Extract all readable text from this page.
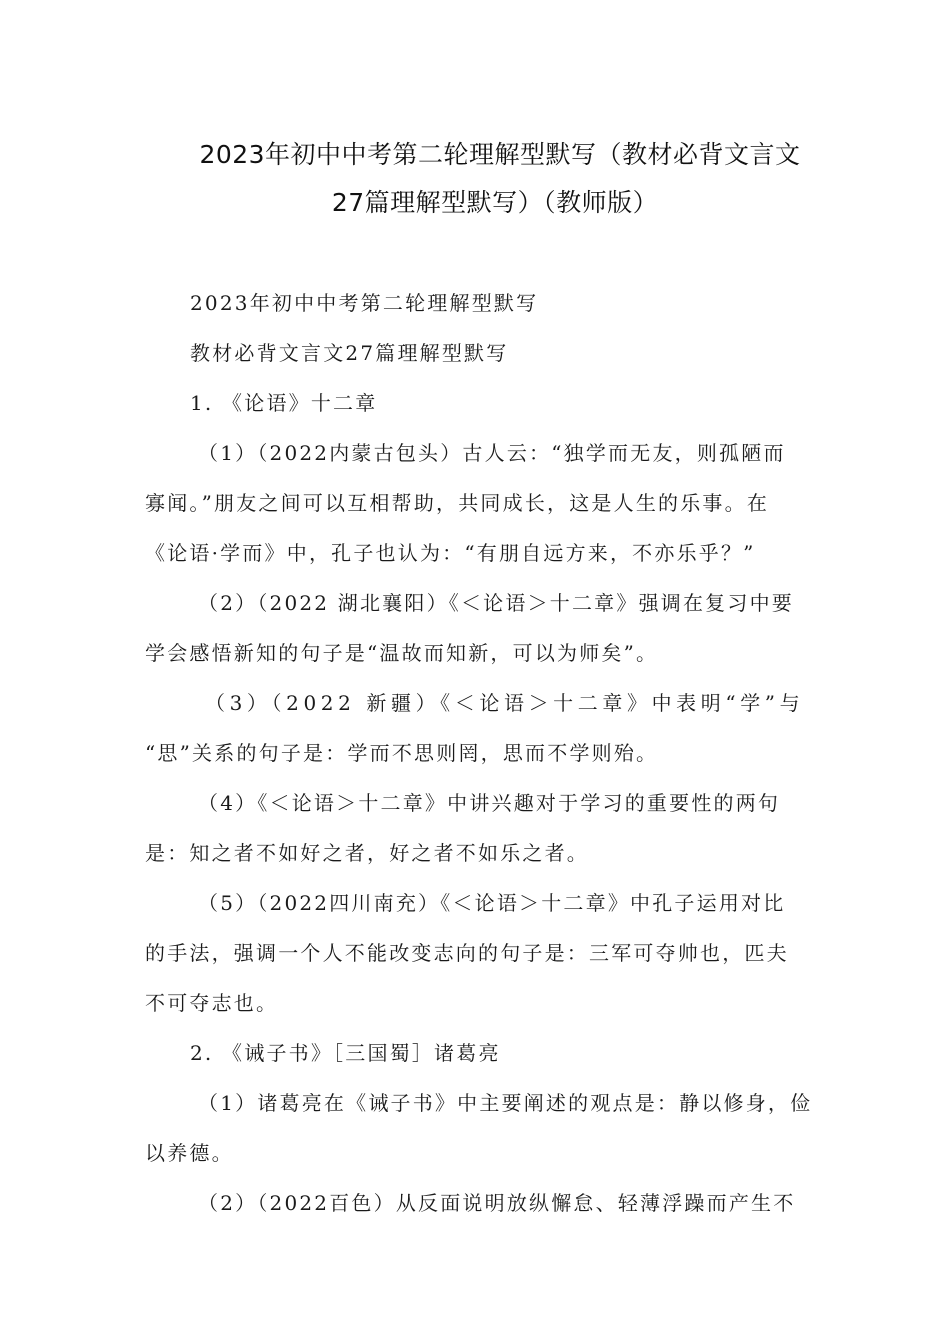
2023年初中中考第二轮理解型默写（教材必背文言文
27篇理解型默写）（教师版）
2023年初中中考第二轮理解型默写
教材必背文言文27篇理解型默写
1. 《论语》十二章
（1）（2022内蒙古包头）古人云：“独学而无友，则孤陋而
寡闻。”朋友之间可以互相帮助，共同成长，这是人生的乐事。在
《论语·学而》中，孔子也认为：“有朋自远方来，不亦乐乎？”
（2）（2022 湖北襄阳）《＜论语＞十二章》强调在复习中要
学会感悟新知的句子是“温故而知新，可以为师矣”。
（3）（2022 新疆）《＜论语＞十二章》中表明“学”与
“思”关系的句子是：学而不思则罔，思而不学则殆。
（4）《＜论语＞十二章》中讲兴趣对于学习的重要性的两句
是：知之者不如好之者，好之者不如乐之者。
（5）（2022四川南充）《＜论语＞十二章》中孔子运用对比
的手法，强调一个人不能改变志向的句子是：三军可夺帅也，匹夫
不可夺志也。
2. 《诫子书》［三国蜀］诸葛亮
（1）诸葛亮在《诫子书》中主要阐述的观点是：静以修身，俭
以养德。
（2）（2022百色）从反面说明放纵懈怠、轻薄浮躁而产生不
